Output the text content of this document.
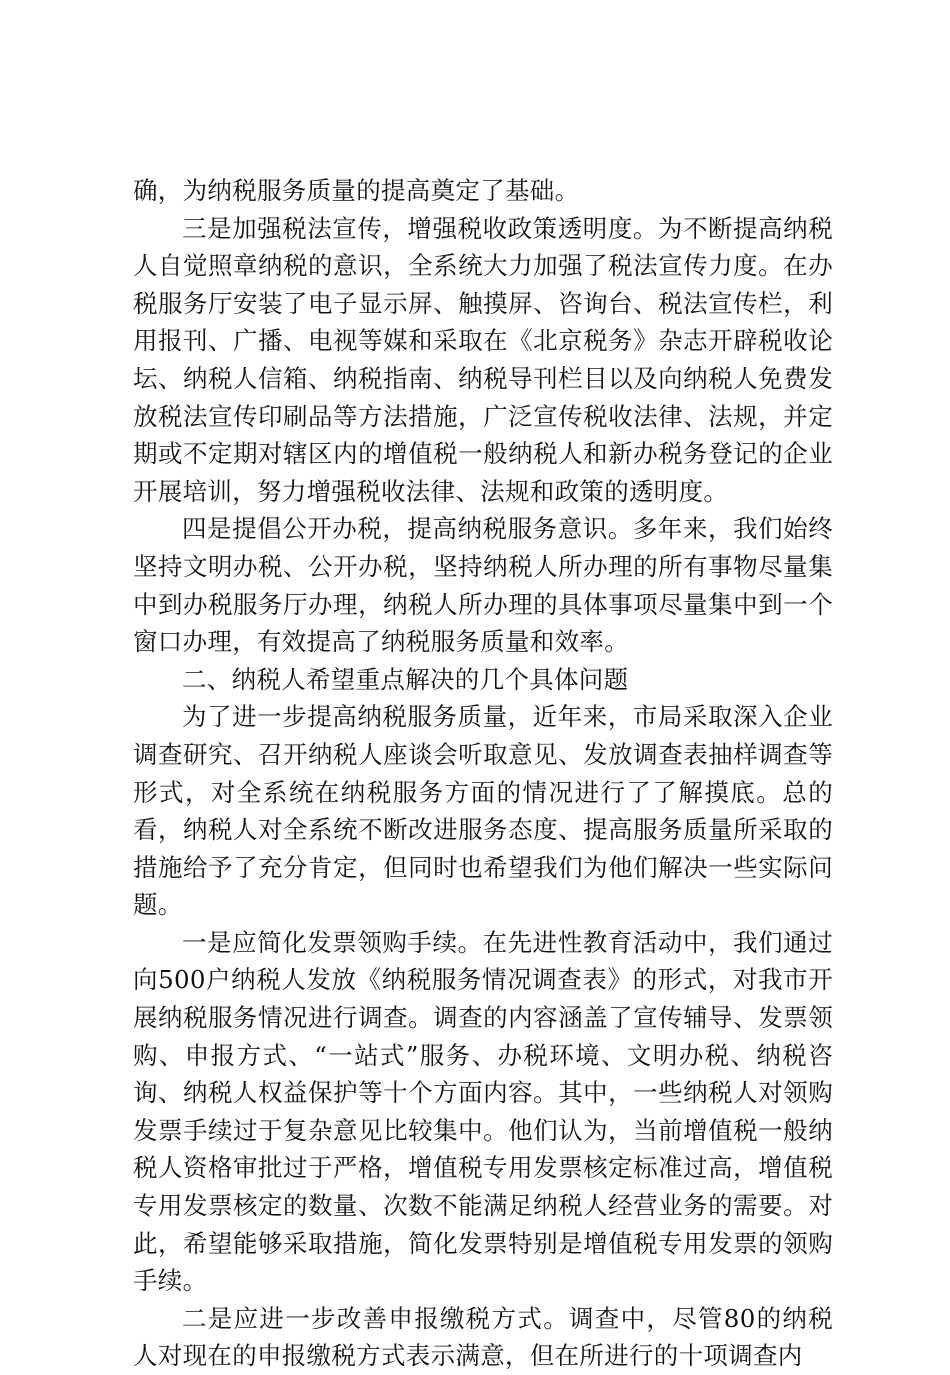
确，为纳税服务质量的提高奠定了基础。

三是加强税法宣传，增强税收政策透明度。为不断提高纳税人自觉照章纳税的意识，全系统大力加强了税法宣传力度。在办税服务厅安装了电子显示屏、触摸屏、咨询台、税法宣传栏，利用报刊、广播、电视等媒和采取在《北京税务》杂志开辟税收论坛、纳税人信箱、纳税指南、纳税导刊栏目以及向纳税人免费发放税法宣传印刷品等方法措施，广泛宣传税收法律、法规，并定期或不定期对辖区内的增值税一般纳税人和新办税务登记的企业开展培训，努力增强税收法律、法规和政策的透明度。

四是提倡公开办税，提高纳税服务意识。多年来，我们始终坚持文明办税、公开办税，坚持纳税人所办理的所有事物尽量集中到办税服务厅办理，纳税人所办理的具体事项尽量集中到一个窗口办理，有效提高了纳税服务质量和效率。

二、纳税人希望重点解决的几个具体问题

为了进一步提高纳税服务质量，近年来，市局采取深入企业调查研究、召开纳税人座谈会听取意见、发放调查表抽样调查等形式，对全系统在纳税服务方面的情况进行了了解摸底。总的看，纳税人对全系统不断改进服务态度、提高服务质量所采取的措施给予了充分肯定，但同时也希望我们为他们解决一些实际问题。

一是应简化发票领购手续。在先进性教育活动中，我们通过向500户纳税人发放《纳税服务情况调查表》的形式，对我市开展纳税服务情况进行调查。调查的内容涵盖了宣传辅导、发票领购、申报方式、“一站式”服务、办税环境、文明办税、纳税咨询、纳税人权益保护等十个方面内容。其中，一些纳税人对领购发票手续过于复杂意见比较集中。他们认为，当前增值税一般纳税人资格审批过于严格，增值税专用发票核定标准过高，增值税专用发票核定的数量、次数不能满足纳税人经营业务的需要。对此，希望能够采取措施，简化发票特别是增值税专用发票的领购手续。

二是应进一步改善申报缴税方式。调查中，尽管80的纳税人对现在的申报缴税方式表示满意，但在所进行的十项调查内
